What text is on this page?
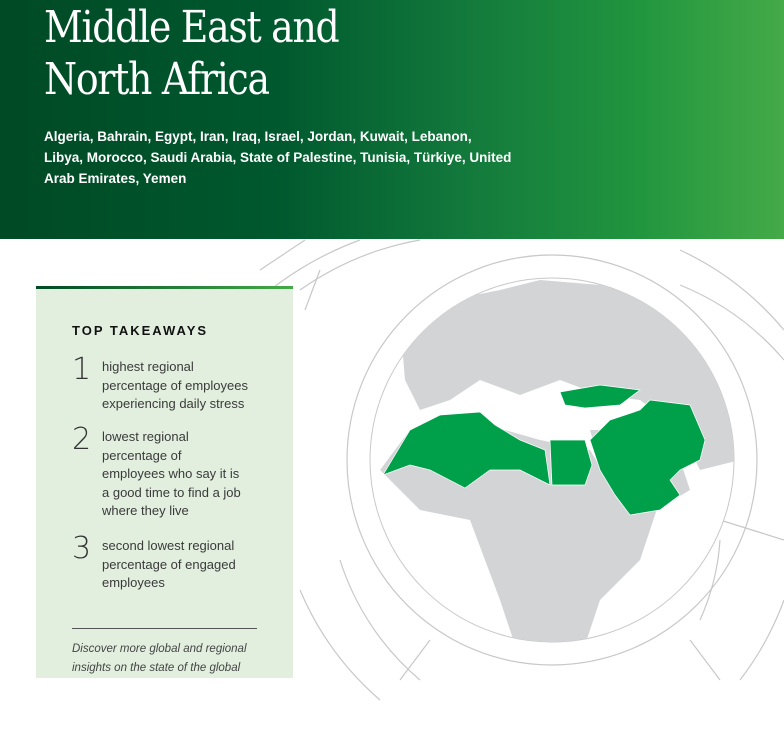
Middle East and
North Africa
Algeria, Bahrain, Egypt, Iran, Iraq, Israel, Jordan, Kuwait, Lebanon, Libya, Morocco, Saudi Arabia, State of Palestine, Tunisia, Türkiye, United Arab Emirates, Yemen
TOP TAKEAWAYS
1 highest regional percentage of employees experiencing daily stress
2 lowest regional percentage of employees who say it is a good time to find a job where they live
3 second lowest regional percentage of engaged employees
Discover more global and regional insights on the state of the global
